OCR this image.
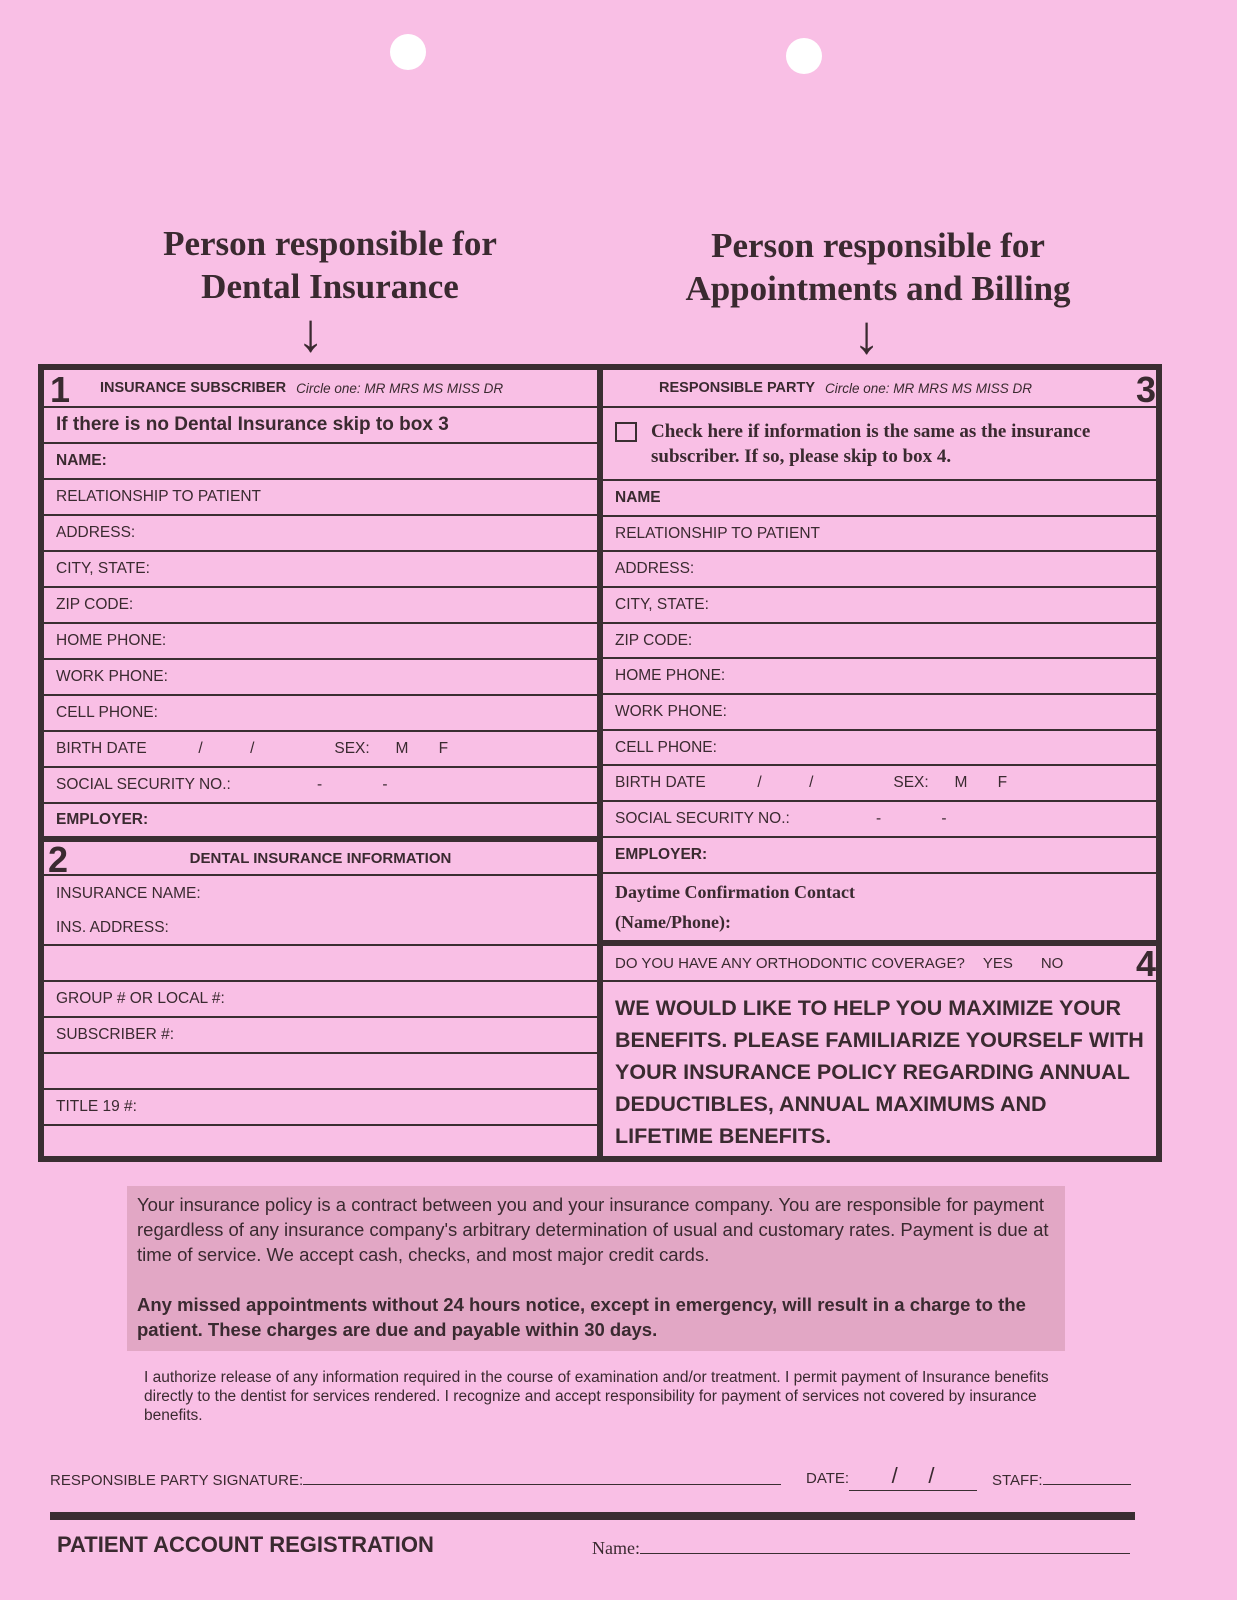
Person responsible for
Dental Insurance
Person responsible for
Appointments and Billing
↓	↓
1 INSURANCE SUBSCRIBER Circle one: MR MRS MS MISS DR
If there is no Dental Insurance skip to box 3
NAME:
RELATIONSHIP TO PATIENT
ADDRESS:
CITY, STATE:
ZIP CODE:
HOME PHONE:
WORK PHONE:
CELL PHONE:
BIRTH DATE            /           /	SEX:      M       F
SOCIAL SECURITY NO.:                    -              -
EMPLOYER:
2	DENTAL INSURANCE INFORMATION
INSURANCE NAME:
INS. ADDRESS:
GROUP # OR LOCAL #:
SUBSCRIBER #:
TITLE 19 #:
RESPONSIBLE PARTY Circle one: MR MRS MS MISS DR	3
Check here if information is the same as the insurance
subscriber. If so, please skip to box 4.
NAME
RELATIONSHIP TO PATIENT
ADDRESS:
CITY, STATE:
ZIP CODE:
HOME PHONE:
WORK PHONE:
CELL PHONE:
BIRTH DATE            /           /	SEX:      M       F
SOCIAL SECURITY NO.:                    -              -
EMPLOYER:
Daytime Confirmation Contact
(Name/Phone):
DO YOU HAVE ANY ORTHODONTIC COVERAGE? YES NO 4
WE WOULD LIKE TO HELP YOU MAXIMIZE YOUR BENEFITS. PLEASE FAMILIARIZE YOURSELF WITH YOUR INSURANCE POLICY REGARDING ANNUAL DEDUCTIBLES, ANNUAL MAXIMUMS AND LIFETIME BENEFITS.
Your insurance policy is a contract between you and your insurance company. You are responsible for payment regardless of any insurance company's arbitrary determination of usual and customary rates. Payment is due at time of service. We accept cash, checks, and most major credit cards.
Any missed appointments without 24 hours notice, except in emergency, will result in a charge to the patient. These charges are due and payable within 30 days.
I authorize release of any information required in the course of examination and/or treatment. I permit payment of Insurance benefits directly to the dentist for services rendered. I recognize and accept responsibility for payment of services not covered by insurance benefits.
RESPONSIBLE PARTY SIGNATURE:	DATE: /     /	STAFF:
PATIENT ACCOUNT REGISTRATION	Name:
